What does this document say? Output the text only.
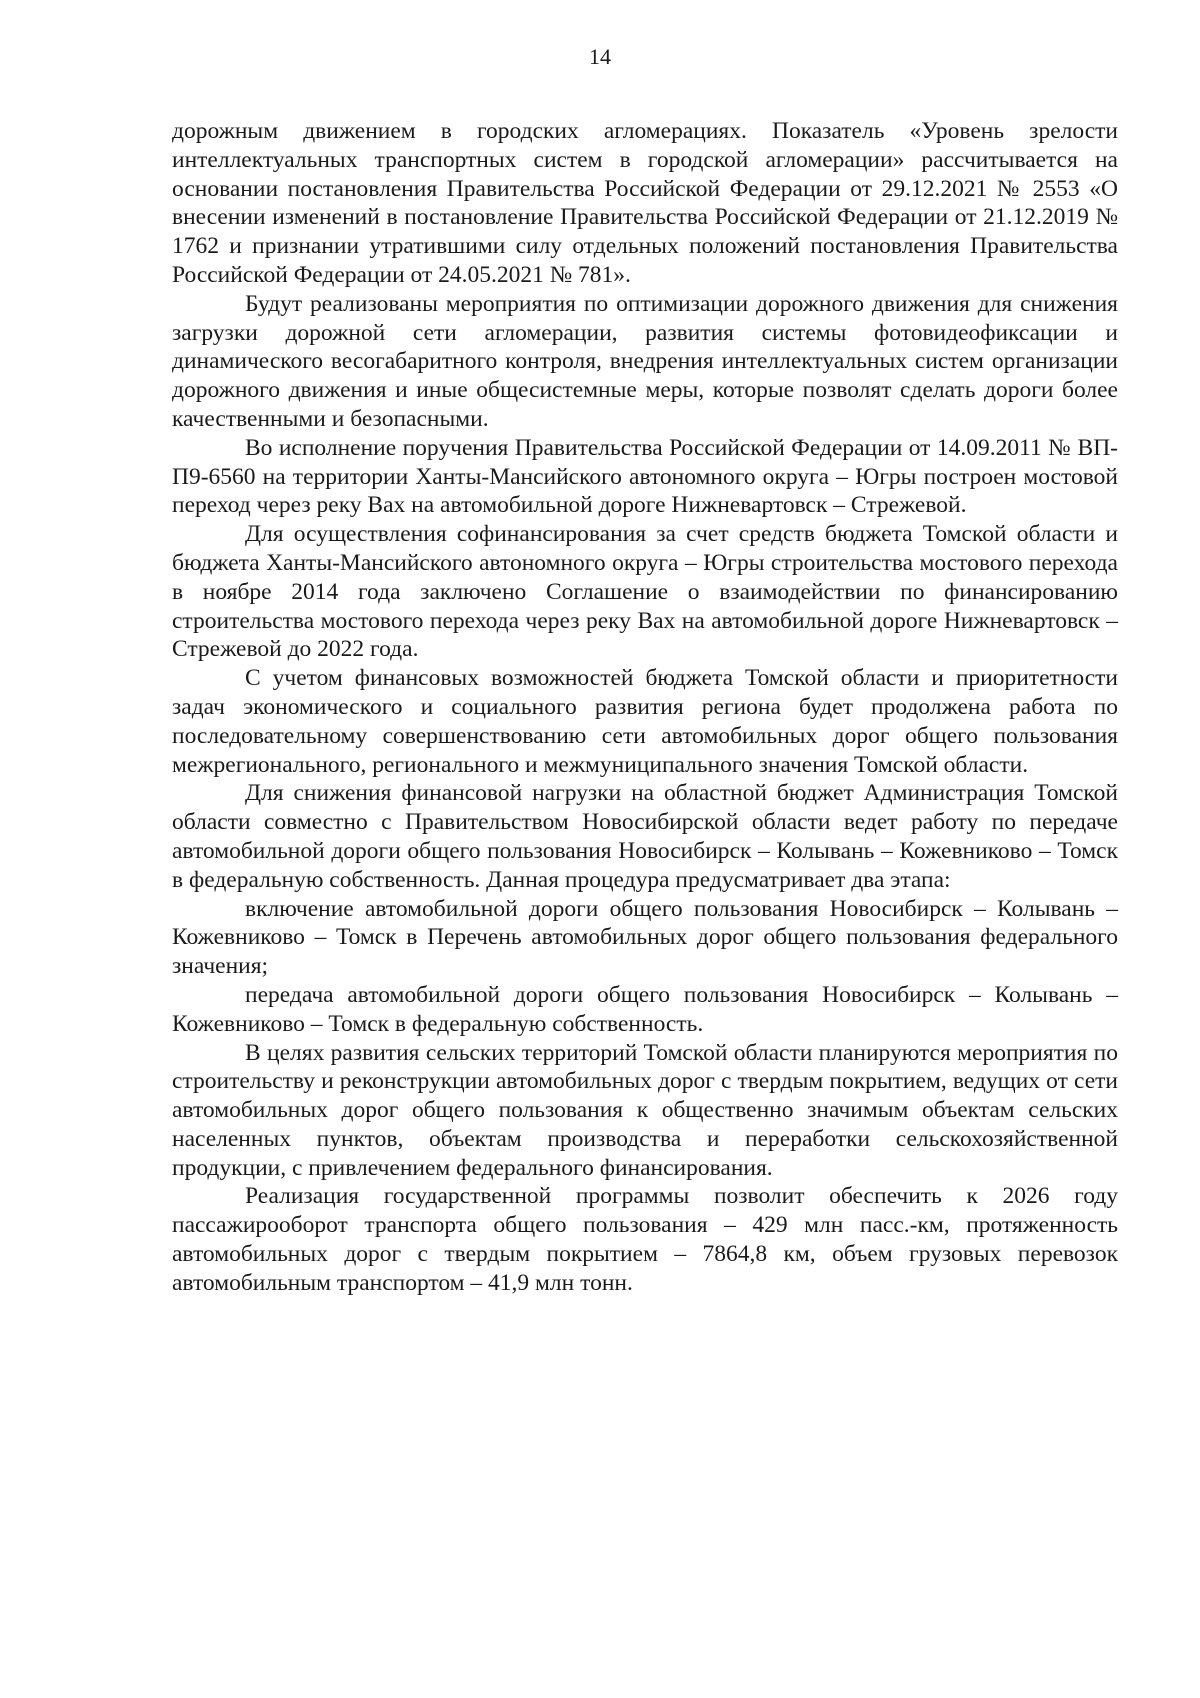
14

дорожным движением в городских агломерациях. Показатель «Уровень зрелости интеллектуальных транспортных систем в городской агломерации» рассчитывается на основании постановления Правительства Российской Федерации от 29.12.2021 № 2553 «О внесении изменений в постановление Правительства Российской Федерации от 21.12.2019 № 1762 и признании утратившими силу отдельных положений постановления Правительства Российской Федерации от 24.05.2021 № 781».

Будут реализованы мероприятия по оптимизации дорожного движения для снижения загрузки дорожной сети агломерации, развития системы фотовидеофиксации и динамического весогабаритного контроля, внедрения интеллектуальных систем организации дорожного движения и иные общесистемные меры, которые позволят сделать дороги более качественными и безопасными.

Во исполнение поручения Правительства Российской Федерации от 14.09.2011 № ВП-П9-6560 на территории Ханты-Мансийского автономного округа – Югры построен мостовой переход через реку Вах на автомобильной дороге Нижневартовск – Стрежевой.

Для осуществления софинансирования за счет средств бюджета Томской области и бюджета Ханты-Мансийского автономного округа – Югры строительства мостового перехода в ноябре 2014 года заключено Соглашение о взаимодействии по финансированию строительства мостового перехода через реку Вах на автомобильной дороге Нижневартовск – Стрежевой до 2022 года.

С учетом финансовых возможностей бюджета Томской области и приоритетности задач экономического и социального развития региона будет продолжена работа по последовательному совершенствованию сети автомобильных дорог общего пользования межрегионального, регионального и межмуниципального значения Томской области.

Для снижения финансовой нагрузки на областной бюджет Администрация Томской области совместно с Правительством Новосибирской области ведет работу по передаче автомобильной дороги общего пользования Новосибирск – Колывань – Кожевниково – Томск в федеральную собственность. Данная процедура предусматривает два этапа:

включение автомобильной дороги общего пользования Новосибирск – Колывань – Кожевниково – Томск в Перечень автомобильных дорог общего пользования федерального значения;

передача автомобильной дороги общего пользования Новосибирск – Колывань – Кожевниково – Томск в федеральную собственность.

В целях развития сельских территорий Томской области планируются мероприятия по строительству и реконструкции автомобильных дорог с твердым покрытием, ведущих от сети автомобильных дорог общего пользования к общественно значимым объектам сельских населенных пунктов, объектам производства и переработки сельскохозяйственной продукции, с привлечением федерального финансирования.

Реализация государственной программы позволит обеспечить к 2026 году пассажирооборот транспорта общего пользования – 429 млн пасс.-км, протяженность автомобильных дорог с твердым покрытием – 7864,8 км, объем грузовых перевозок автомобильным транспортом – 41,9 млн тонн.
